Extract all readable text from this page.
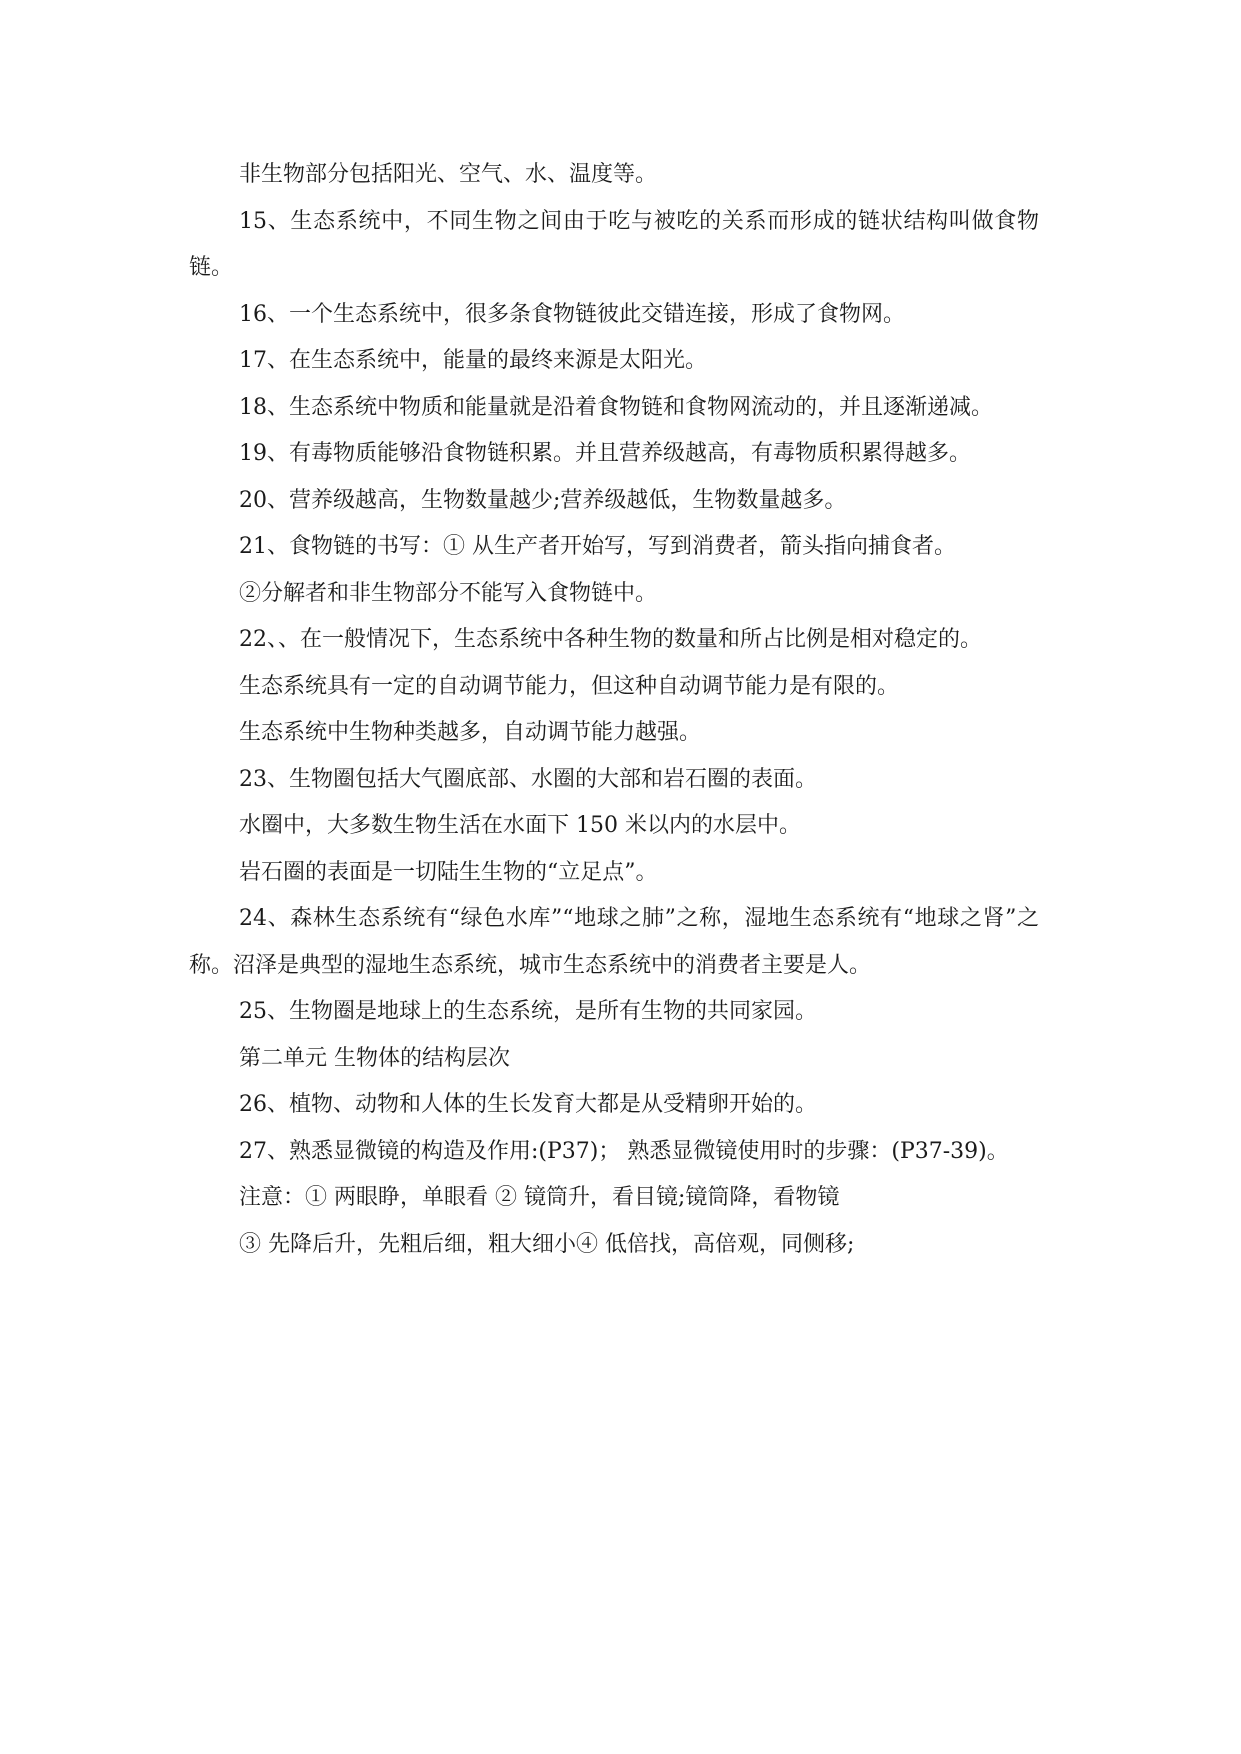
非生物部分包括阳光、空气、水、温度等。

15、生态系统中，不同生物之间由于吃与被吃的关系而形成的链状结构叫做食物链。

16、一个生态系统中，很多条食物链彼此交错连接，形成了食物网。

17、在生态系统中，能量的最终来源是太阳光。

18、生态系统中物质和能量就是沿着食物链和食物网流动的，并且逐渐递减。

19、有毒物质能够沿食物链积累。并且营养级越高，有毒物质积累得越多。

20、营养级越高，生物数量越少;营养级越低，生物数量越多。

21、食物链的书写：① 从生产者开始写，写到消费者，箭头指向捕食者。

②分解者和非生物部分不能写入食物链中。

22、、在一般情况下，生态系统中各种生物的数量和所占比例是相对稳定的。

生态系统具有一定的自动调节能力，但这种自动调节能力是有限的。

生态系统中生物种类越多，自动调节能力越强。

23、生物圈包括大气圈底部、水圈的大部和岩石圈的表面。

水圈中，大多数生物生活在水面下 150 米以内的水层中。

岩石圈的表面是一切陆生生物的“立足点”。

24、森林生态系统有“绿色水库”“地球之肺”之称，湿地生态系统有“地球之肾”之称。沼泽是典型的湿地生态系统，城市生态系统中的消费者主要是人。

25、生物圈是地球上的生态系统，是所有生物的共同家园。

第二单元 生物体的结构层次

26、植物、动物和人体的生长发育大都是从受精卵开始的。

27、熟悉显微镜的构造及作用:(P37)； 熟悉显微镜使用时的步骤：(P37-39)。

注意：① 两眼睁，单眼看 ② 镜筒升，看目镜;镜筒降，看物镜

③ 先降后升，先粗后细，粗大细小④ 低倍找，高倍观，同侧移;
